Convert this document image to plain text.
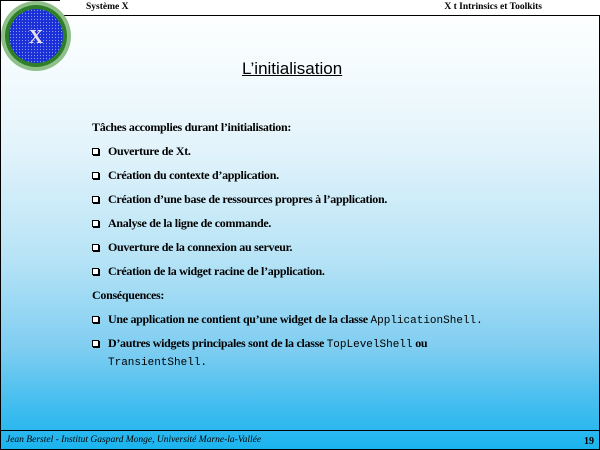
Système X	X t Intrinsics et Toolkits
X
L’initialisation
Tâches accomplies durant l’initialisation:
Ouverture de Xt.
Création du contexte d’application.
Création d’une base de ressources propres à l’application.
Analyse de la ligne de commande.
Ouverture de la connexion au serveur.
Création de la widget racine de l’application.
Conséquences:
Une application ne contient qu’une widget de la classe ApplicationShell.
D’autres widgets principales sont de la classe TopLevelShell ou
TransientShell.
Jean Berstel - Institut Gaspard Monge, Université Marne-la-Vallée	19
